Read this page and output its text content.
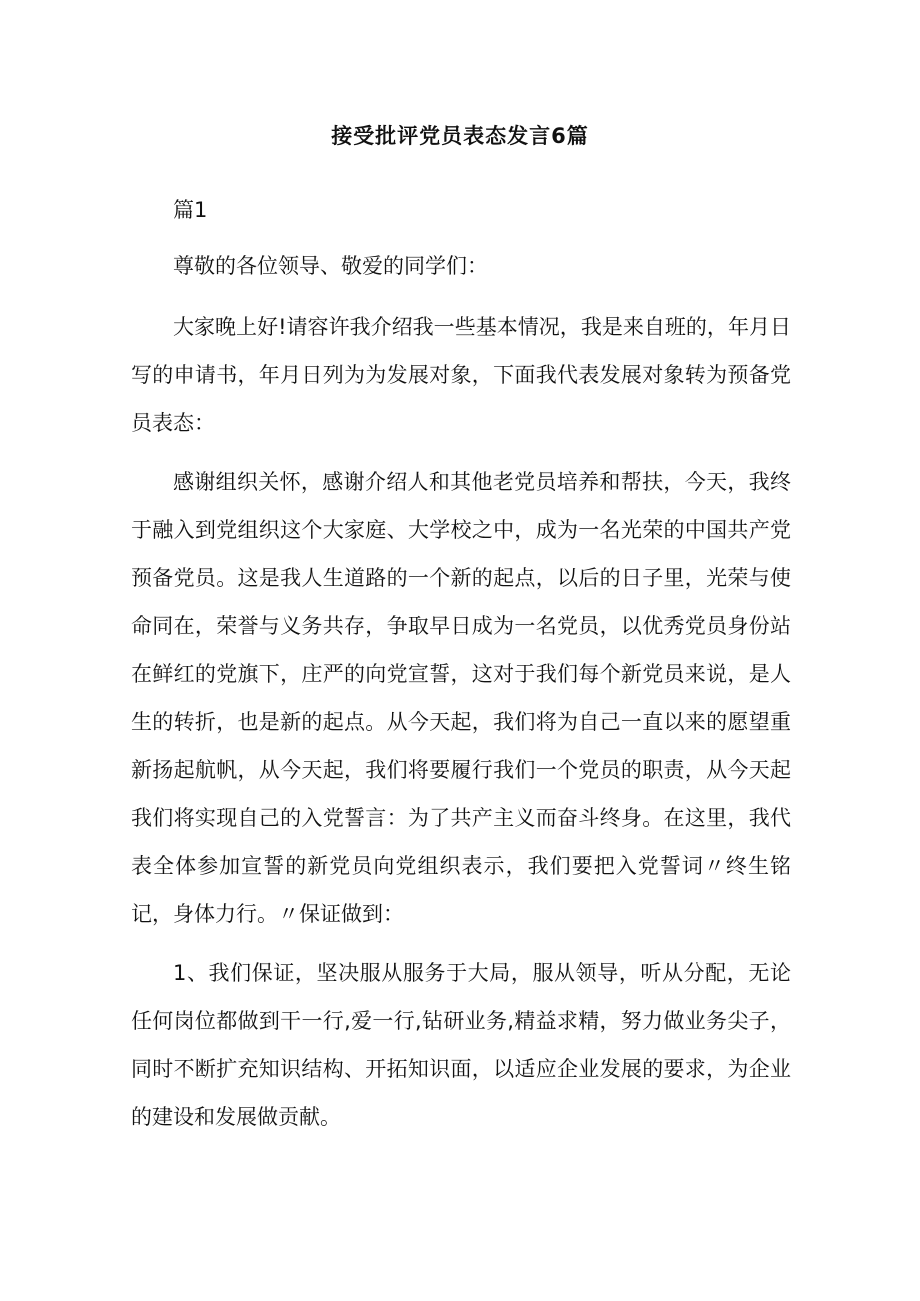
接受批评党员表态发言6篇

篇1

尊敬的各位领导、敬爱的同学们：

大家晚上好!请容许我介绍我一些基本情况，我是来自班的，年月日写的申请书，年月日列为为发展对象，下面我代表发展对象转为预备党员表态：

感谢组织关怀，感谢介绍人和其他老党员培养和帮扶，今天，我终于融入到党组织这个大家庭、大学校之中，成为一名光荣的中国共产党预备党员。这是我人生道路的一个新的起点，以后的日子里，光荣与使命同在，荣誉与义务共存，争取早日成为一名党员，以优秀党员身份站在鲜红的党旗下，庄严的向党宣誓，这对于我们每个新党员来说，是人生的转折，也是新的起点。从今天起，我们将为自己一直以来的愿望重新扬起航帆，从今天起，我们将要履行我们一个党员的职责，从今天起我们将实现自己的入党誓言：为了共产主义而奋斗终身。在这里，我代表全体参加宣誓的新党员向党组织表示，我们要把入党誓词〃终生铭记，身体力行。〃保证做到：

1、我们保证，坚决服从服务于大局，服从领导，听从分配，无论任何岗位都做到干一行,爱一行,钻研业务,精益求精，努力做业务尖子，同时不断扩充知识结构、开拓知识面，以适应企业发展的要求，为企业的建设和发展做贡献。
